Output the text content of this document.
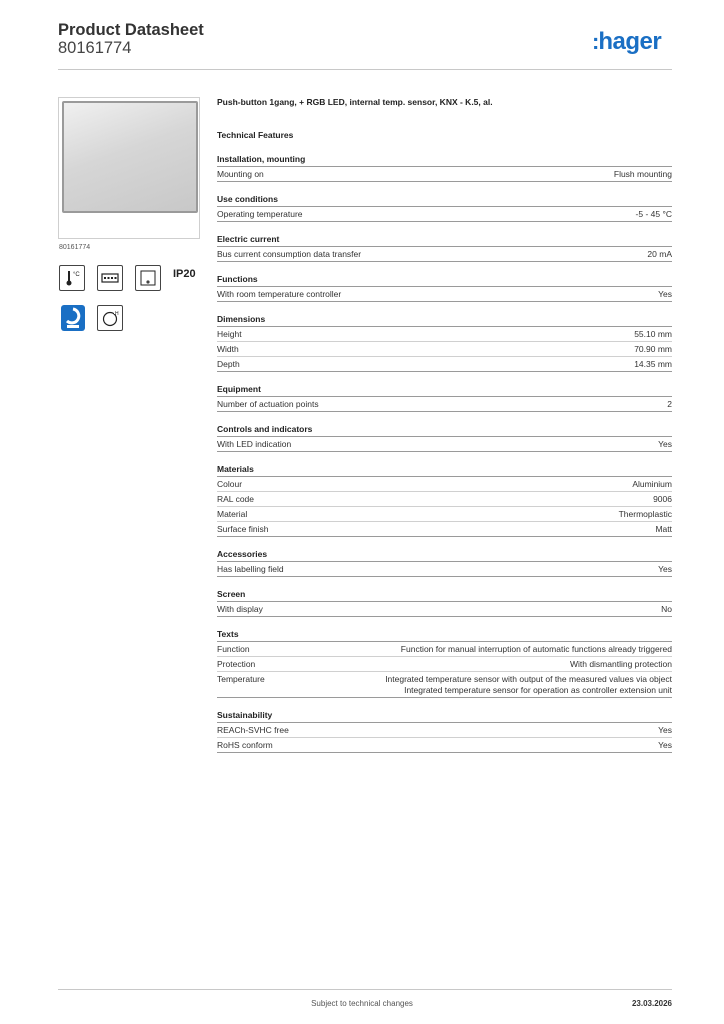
Product Datasheet
80161774	:hager
80161774
°C	IP20
H
Push-button 1gang, + RGB LED, internal temp. sensor, KNX - K.5, al.
Technical Features
Installation, mounting
Mounting on	Flush mounting
Use conditions
Operating temperature	-5 - 45 °C
Electric current
Bus current consumption data transfer	20 mA
Functions
With room temperature controller	Yes
Dimensions
Height	55.10 mm
Width	70.90 mm
Depth	14.35 mm
Equipment
Number of actuation points	2
Controls and indicators
With LED indication	Yes
Materials
Colour	Aluminium
RAL code	9006
Material	Thermoplastic
Surface finish	Matt
Accessories
Has labelling field	Yes
Screen
With display	No
Texts
Function	Function for manual interruption of automatic functions already triggered
Protection	With dismantling protection
Temperature	Integrated temperature sensor with output of the measured values via object
Integrated temperature sensor for operation as controller extension unit
Sustainability
REACh-SVHC free	Yes
RoHS conform	Yes
Subject to technical changes	23.03.2026
